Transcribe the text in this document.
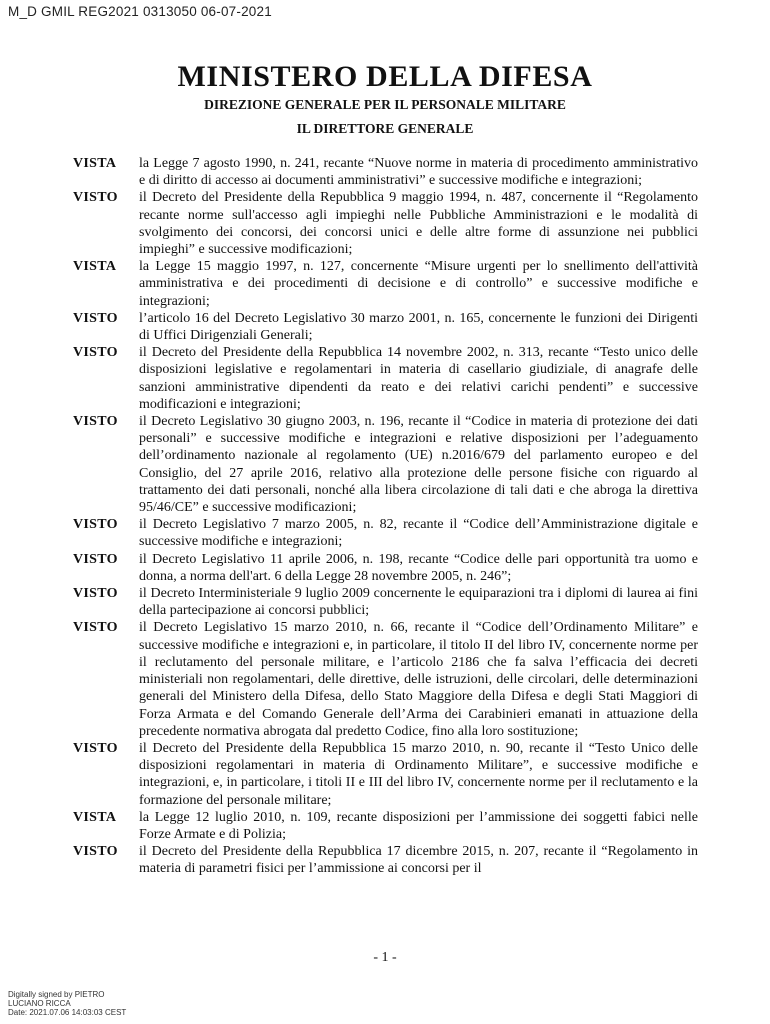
M_D GMIL REG2021 0313050 06-07-2021
MINISTERO DELLA DIFESA
DIREZIONE GENERALE PER IL PERSONALE MILITARE
IL DIRETTORE GENERALE
VISTA	la Legge 7 agosto 1990, n. 241, recante “Nuove norme in materia di procedimento amministrativo e di diritto di accesso ai documenti amministrativi” e successive modifiche e integrazioni;
VISTO	il Decreto del Presidente della Repubblica 9 maggio 1994, n. 487, concernente il “Regolamento recante norme sull'accesso agli impieghi nelle Pubbliche Amministrazioni e le modalità di svolgimento dei concorsi, dei concorsi unici e delle altre forme di assunzione nei pubblici impieghi” e successive modificazioni;
VISTA	la Legge 15 maggio 1997, n. 127, concernente “Misure urgenti per lo snellimento dell'attività amministrativa e dei procedimenti di decisione e di controllo” e successive modifiche e integrazioni;
VISTO	l’articolo 16 del Decreto Legislativo 30 marzo 2001, n. 165, concernente le funzioni dei Dirigenti di Uffici Dirigenziali Generali;
VISTO	il Decreto del Presidente della Repubblica 14 novembre 2002, n. 313, recante “Testo unico delle disposizioni legislative e regolamentari in materia di casellario giudiziale, di anagrafe delle sanzioni amministrative dipendenti da reato e dei relativi carichi pendenti” e successive modificazioni e integrazioni;
VISTO	il Decreto Legislativo 30 giugno 2003, n. 196, recante il “Codice in materia di protezione dei dati personali” e successive modifiche e integrazioni e relative disposizioni per l’adeguamento dell’ordinamento nazionale al regolamento (UE) n.2016/679 del parlamento europeo e del Consiglio, del 27 aprile 2016, relativo alla protezione delle persone fisiche con riguardo al trattamento dei dati personali, nonché alla libera circolazione di tali dati e che abroga la direttiva 95/46/CE” e successive modificazioni;
VISTO	il Decreto Legislativo 7 marzo 2005, n. 82, recante il “Codice dell’Amministrazione digitale e successive modifiche e integrazioni;
VISTO	il Decreto Legislativo 11 aprile 2006, n. 198, recante “Codice delle pari opportunità tra uomo e donna, a norma dell'art. 6 della Legge 28 novembre 2005, n. 246”;
VISTO	il Decreto Interministeriale 9 luglio 2009 concernente le equiparazioni tra i diplomi di laurea ai fini della partecipazione ai concorsi pubblici;
VISTO	il Decreto Legislativo 15 marzo 2010, n. 66, recante il “Codice dell’Ordinamento Militare” e successive modifiche e integrazioni e, in particolare, il titolo II del libro IV, concernente norme per il reclutamento del personale militare, e l’articolo 2186 che fa salva l’efficacia dei decreti ministeriali non regolamentari, delle direttive, delle istruzioni, delle circolari, delle determinazioni generali del Ministero della Difesa, dello Stato Maggiore della Difesa e degli Stati Maggiori di Forza Armata e del Comando Generale dell’Arma dei Carabinieri emanati in attuazione della precedente normativa abrogata dal predetto Codice, fino alla loro sostituzione;
VISTO	il Decreto del Presidente della Repubblica 15 marzo 2010, n. 90, recante il “Testo Unico delle disposizioni regolamentari in materia di Ordinamento Militare”, e successive modifiche e integrazioni, e, in particolare, i titoli II e III del libro IV, concernente norme per il reclutamento e la formazione del personale militare;
VISTA	la Legge 12 luglio 2010, n. 109, recante disposizioni per l’ammissione dei soggetti fabici nelle Forze Armate e di Polizia;
VISTO	il Decreto del Presidente della Repubblica 17 dicembre 2015, n. 207, recante il “Regolamento in materia di parametri fisici per l’ammissione ai concorsi per il
- 1 -
Digitally signed by PIETRO
LUCIANO RICCA
Date: 2021.07.06 14:03:03 CEST
